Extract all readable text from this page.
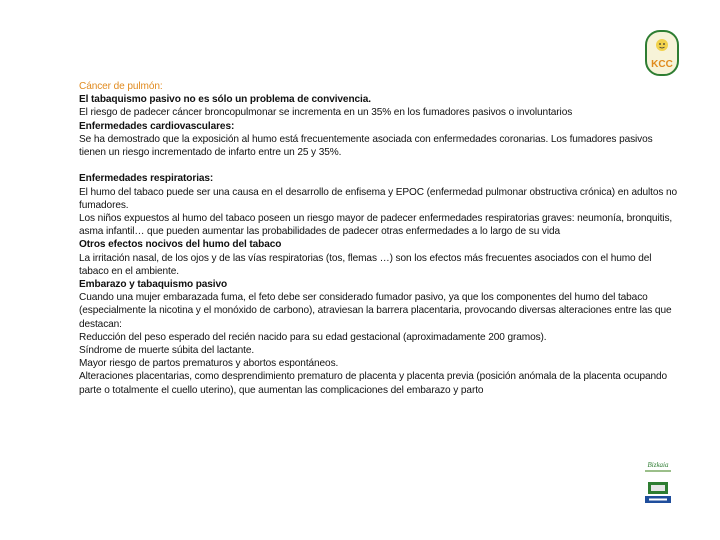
Cáncer de pulmón:

El tabaquismo pasivo no es sólo un problema de convivencia.

El riesgo de padecer cáncer broncopulmonar se incrementa en un 35% en los fumadores pasivos o involuntarios

Enfermedades cardiovasculares:

Se ha demostrado que la exposición al humo está frecuentemente asociada con enfermedades coronarias. Los fumadores pasivos tienen un riesgo incrementado de infarto entre un 25 y 35%.

Enfermedades respiratorias:

El humo del tabaco puede ser una causa en el desarrollo de enfisema y EPOC (enfermedad pulmonar obstructiva crónica) en adultos no fumadores.

Los niños expuestos al humo del tabaco poseen un riesgo mayor de padecer enfermedades respiratorias graves: neumonía, bronquitis, asma infantil… que pueden aumentar las probabilidades de padecer otras enfermedades a lo largo de su vida

Otros efectos nocivos del humo del tabaco

La irritación nasal, de los ojos y de las vías respiratorias (tos, flemas …) son los efectos más frecuentes asociados con el humo del tabaco en el ambiente.

Embarazo y tabaquismo pasivo

Cuando una mujer embarazada fuma, el feto debe ser considerado fumador pasivo, ya que los componentes del humo del tabaco (especialmente la nicotina y el monóxido de carbono), atraviesan la barrera placentaria, provocando diversas alteraciones entre las que destacan:

Reducción del peso esperado del recién nacido para su edad gestacional (aproximadamente 200 gramos).

Síndrome de muerte súbita del lactante.

Mayor riesgo de partos prematuros y abortos espontáneos.

Alteraciones placentarias, como desprendimiento prematuro de placenta y placenta previa (posición anómala de la placenta ocupando parte o totalmente el cuello uterino), que aumentan las complicaciones del embarazo y parto

KCC
Bizkaia
